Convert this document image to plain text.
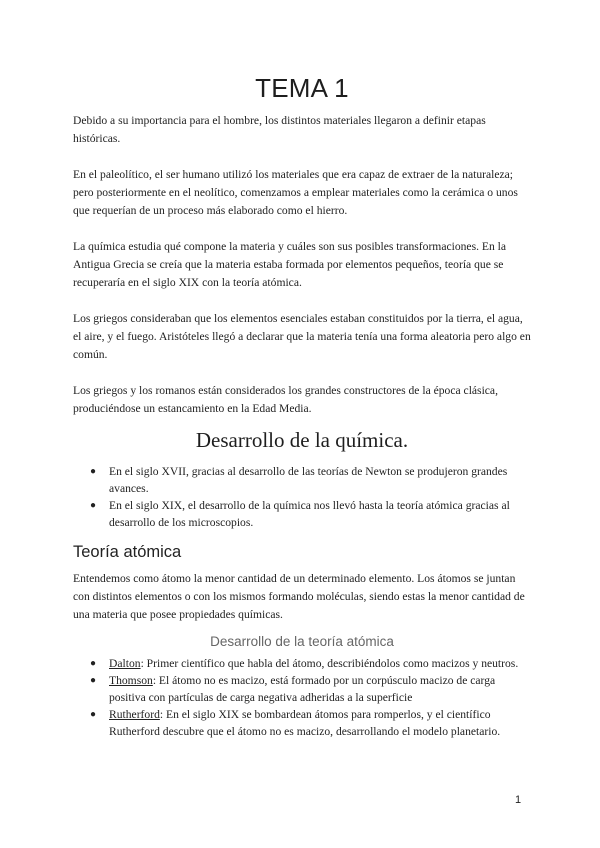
TEMA 1

Debido a su importancia para el hombre, los distintos materiales llegaron a definir etapas históricas.

En el paleolítico, el ser humano utilizó los materiales que era capaz de extraer de la naturaleza; pero posteriormente en el neolítico, comenzamos a emplear materiales como la cerámica o unos que requerían de un proceso más elaborado como el hierro.

La química estudia qué compone la materia y cuáles son sus posibles transformaciones. En la Antigua Grecia se creía que la materia estaba formada por elementos pequeños, teoría que se recuperaría en el siglo XIX con la teoría atómica.

Los griegos consideraban que los elementos esenciales estaban constituidos por la tierra, el agua, el aire, y el fuego. Aristóteles llegó a declarar que la materia tenía una forma aleatoria pero algo en común.

Los griegos y los romanos están considerados los grandes constructores de la época clásica, produciéndose un estancamiento en la Edad Media.

Desarrollo de la química.
● En el siglo XVII, gracias al desarrollo de las teorías de Newton se produjeron grandes avances.
● En el siglo XIX, el desarrollo de la química nos llevó hasta la teoría atómica gracias al desarrollo de los microscopios.
Teoría atómica

Entendemos como átomo la menor cantidad de un determinado elemento. Los átomos se juntan con distintos elementos o con los mismos formando moléculas, siendo estas la menor cantidad de una materia que posee propiedades químicas.

Desarrollo de la teoría atómica
● Dalton: Primer científico que habla del átomo, describiéndolos como macizos y neutros.
● Thomson: El átomo no es macizo, está formado por un corpúsculo macizo de carga positiva con partículas de carga negativa adheridas a la superficie
● Rutherford: En el siglo XIX se bombardean átomos para romperlos, y el científico Rutherford descubre que el átomo no es macizo, desarrollando el modelo planetario.
1
